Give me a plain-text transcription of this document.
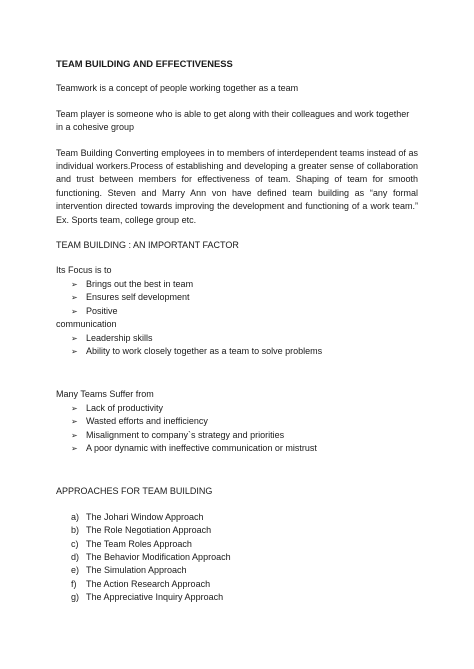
TEAM BUILDING AND EFFECTIVENESS

Teamwork is a concept of people working together as a team

Team player is someone who is able to get along with their colleagues and work together in a cohesive group

Team Building Converting employees in to members of interdependent teams instead of as individual workers.Process of establishing and developing a greater sense of collaboration and trust between members for effectiveness of team. Shaping of team for smooth functioning. Steven and Marry Ann von have defined team building as “any formal intervention directed towards improving the development and functioning of a work team.” Ex. Sports team, college group etc.

TEAM BUILDING : AN IMPORTANT FACTOR

Its Focus is to

➢ Brings out the best in team
➢ Ensures self development
➢ Positive

communication

➢ Leadership skills
➢ Ability to work closely together as a team to solve problems

Many Teams Suffer from

➢ Lack of productivity
➢ Wasted efforts and inefficiency
➢ Misalignment to company`s strategy and priorities
➢ A poor dynamic with ineffective communication or mistrust

APPROACHES FOR TEAM BUILDING

a) The Johari Window Approach
b) The Role Negotiation Approach
c) The Team Roles Approach
d) The Behavior Modification Approach
e) The Simulation Approach
f) The Action Research Approach
g) The Appreciative Inquiry Approach
